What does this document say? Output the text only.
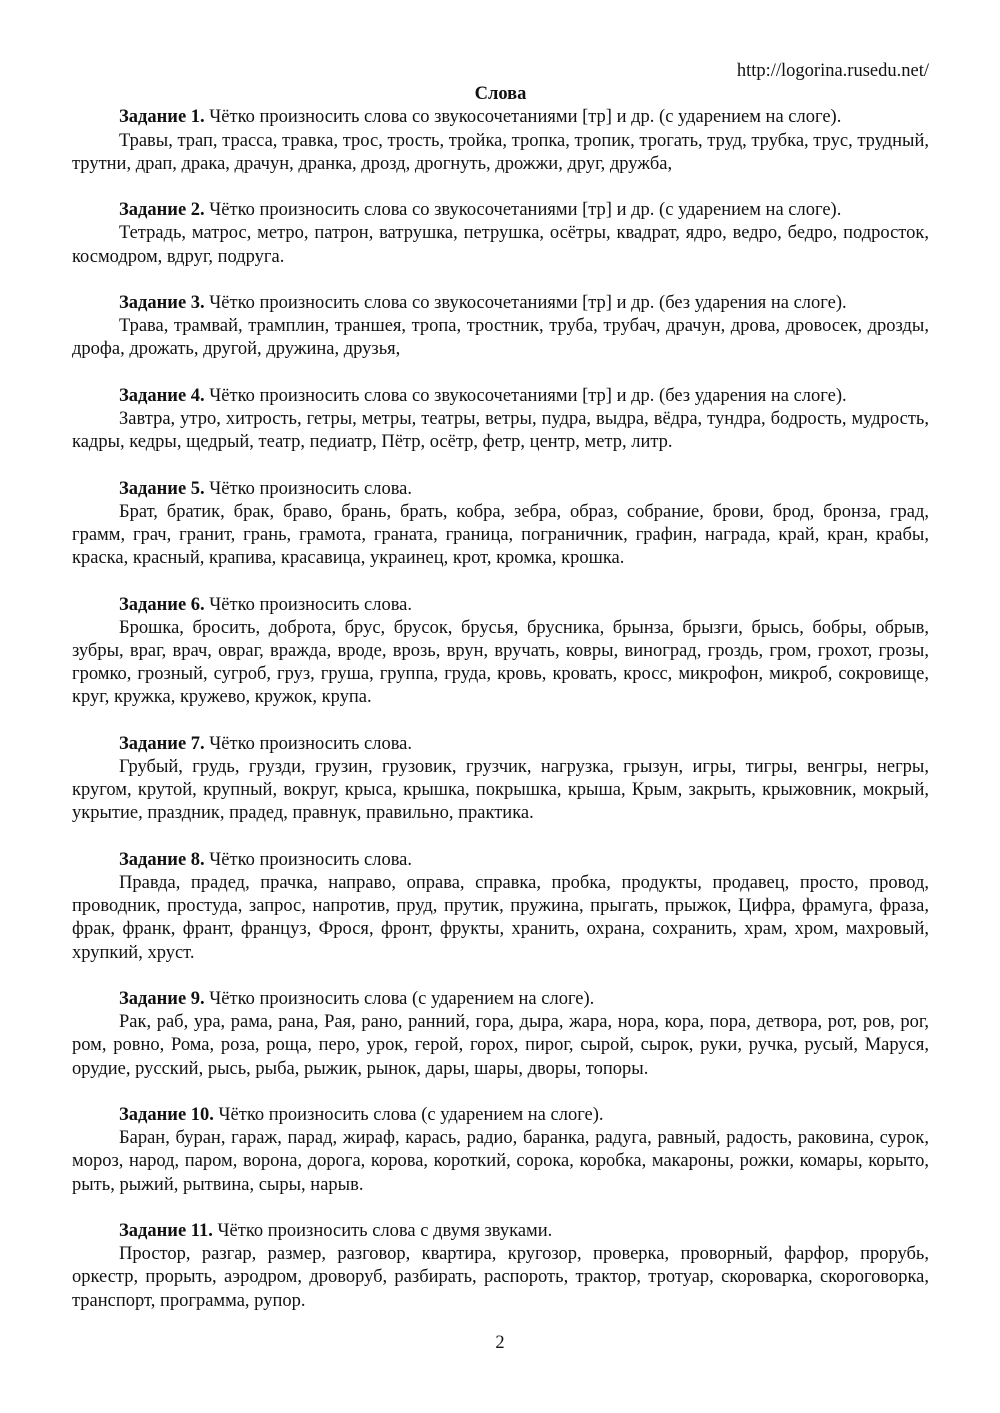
http://logorina.rusedu.net/

Слова

Задание 1. Чётко произносить слова со звукосочетаниями [тр] и др. (с ударением на слоге).

Травы, трап, трасса, травка, трос, трость, тройка, тропка, тропик, трогать, труд, трубка, трус, трудный, трутни, драп, драка, драчун, дранка, дрозд, дрогнуть, дрожжи, друг, дружба,

Задание 2. Чётко произносить слова со звукосочетаниями [тр] и др. (с ударением на слоге).

Тетрадь, матрос, метро, патрон, ватрушка, петрушка, осётры, квадрат, ядро, ведро, бедро, подросток, космодром, вдруг, подруга.

Задание 3. Чётко произносить слова со звукосочетаниями [тр] и др. (без ударения на слоге).

Трава, трамвай, трамплин, траншея, тропа, тростник, труба, трубач, драчун, дрова, дровосек, дрозды, дрофа, дрожать, другой, дружина, друзья,

Задание 4. Чётко произносить слова со звукосочетаниями [тр] и др. (без ударения на слоге).

Завтра, утро, хитрость, гетры, метры, театры, ветры, пудра, выдра, вёдра, тундра, бодрость, мудрость, кадры, кедры, щедрый, театр, педиатр, Пётр, осётр, фетр, центр, метр, литр.

Задание 5. Чётко произносить слова.

Брат, братик, брак, браво, брань, брать, кобра, зебра, образ, собрание, брови, брод, бронза, град, грамм, грач, гранит, грань, грамота, граната, граница, пограничник, графин, награда, край, кран, крабы, краска, красный, крапива, красавица, украинец, крот, кромка, крошка.

Задание 6. Чётко произносить слова.

Брошка, бросить, доброта, брус, брусок, брусья, брусника, брынза, брызги, брысь, бобры, обрыв, зубры, враг, врач, овраг, вражда, вроде, врозь, врун, вручать, ковры, виноград, гроздь, гром, грохот, грозы, громко, грозный, сугроб, груз, груша, группа, груда, кровь, кровать, кросс, микрофон, микроб, сокровище, круг, кружка, кружево, кружок, крупа.

Задание 7. Чётко произносить слова.

Грубый, грудь, грузди, грузин, грузовик, грузчик, нагрузка, грызун, игры, тигры, венгры, негры, кругом, крутой, крупный, вокруг, крыса, крышка, покрышка, крыша, Крым, закрыть, крыжовник, мокрый, укрытие, праздник, прадед, правнук, правильно, практика.

Задание 8. Чётко произносить слова.

Правда, прадед, прачка, направо, оправа, справка, пробка, продукты, продавец, просто, провод, проводник, простуда, запрос, напротив, пруд, прутик, пружина, прыгать, прыжок, Цифра, фрамуга, фраза, фрак, франк, франт, француз, Фрося, фронт, фрукты, хранить, охрана, сохранить, храм, хром, махровый, хрупкий, хруст.

Задание 9. Чётко произносить слова (с ударением на слоге).

Рак, раб, ура, рама, рана, Рая, рано, ранний, гора, дыра, жара, нора, кора, пора, детвора, рот, ров, рог, ром, ровно, Рома, роза, роща, перо, урок, герой, горох, пирог, сырой, сырок, руки, ручка, русый, Маруся, орудие, русский, рысь, рыба, рыжик, рынок, дары, шары, дворы, топоры.

Задание 10. Чётко произносить слова (с ударением на слоге).

Баран, буран, гараж, парад, жираф, карась, радио, баранка, радуга, равный, радость, раковина, сурок, мороз, народ, паром, ворона, дорога, корова, короткий, сорока, коробка, макароны, рожки, комары, корыто, рыть, рыжий, рытвина, сыры, нарыв.

Задание 11. Чётко произносить слова с двумя звуками.

Простор, разгар, размер, разговор, квартира, кругозор, проверка, проворный, фарфор, прорубь, оркестр, прорыть, аэродром, дроворуб, разбирать, распороть, трактор, тротуар, скороварка, скороговорка, транспорт, программа, рупор.

2
